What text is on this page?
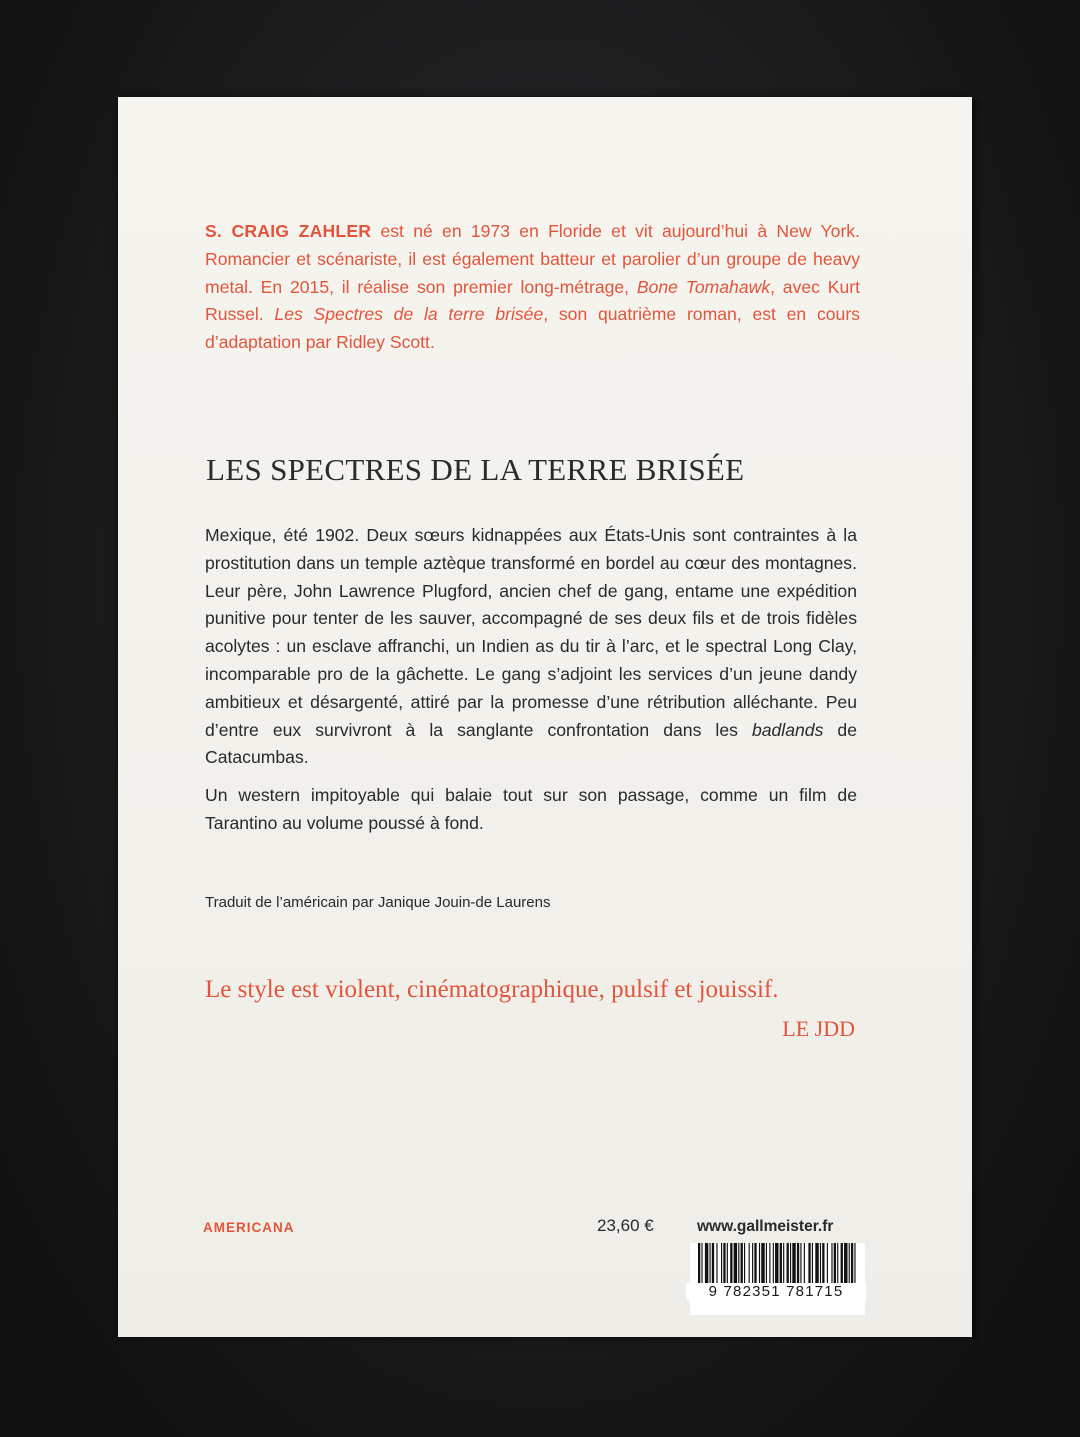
S. CRAIG ZAHLER est né en 1973 en Floride et vit aujourd’hui à New York. Romancier et scénariste, il est également batteur et parolier d’un groupe de heavy metal. En 2015, il réalise son premier long-métrage, Bone Tomahawk, avec Kurt Russel. Les Spectres de la terre brisée, son quatrième roman, est en cours d’adaptation par Ridley Scott.
LES SPECTRES DE LA TERRE BRISÉE

Mexique, été 1902. Deux sœurs kidnappées aux États-Unis sont contraintes à la prostitution dans un temple aztèque transformé en bordel au cœur des montagnes. Leur père, John Lawrence Plugford, ancien chef de gang, entame une expédition punitive pour tenter de les sauver, accompagné de ses deux fils et de trois fidèles acolytes : un esclave affranchi, un Indien as du tir à l’arc, et le spectral Long Clay, incomparable pro de la gâchette. Le gang s’adjoint les services d’un jeune dandy ambitieux et désargenté, attiré par la promesse d’une rétribution alléchante. Peu d’entre eux survivront à la sanglante confrontation dans les badlands de Catacumbas.

Un western impitoyable qui balaie tout sur son passage, comme un film de Tarantino au volume poussé à fond.

Traduit de l’américain par Janique Jouin-de Laurens
Le style est violent, cinématographique, pulsif et jouissif.
LE JDD
AMERICANA	23,60 €	www.gallmeister.fr
9 782351 781715
